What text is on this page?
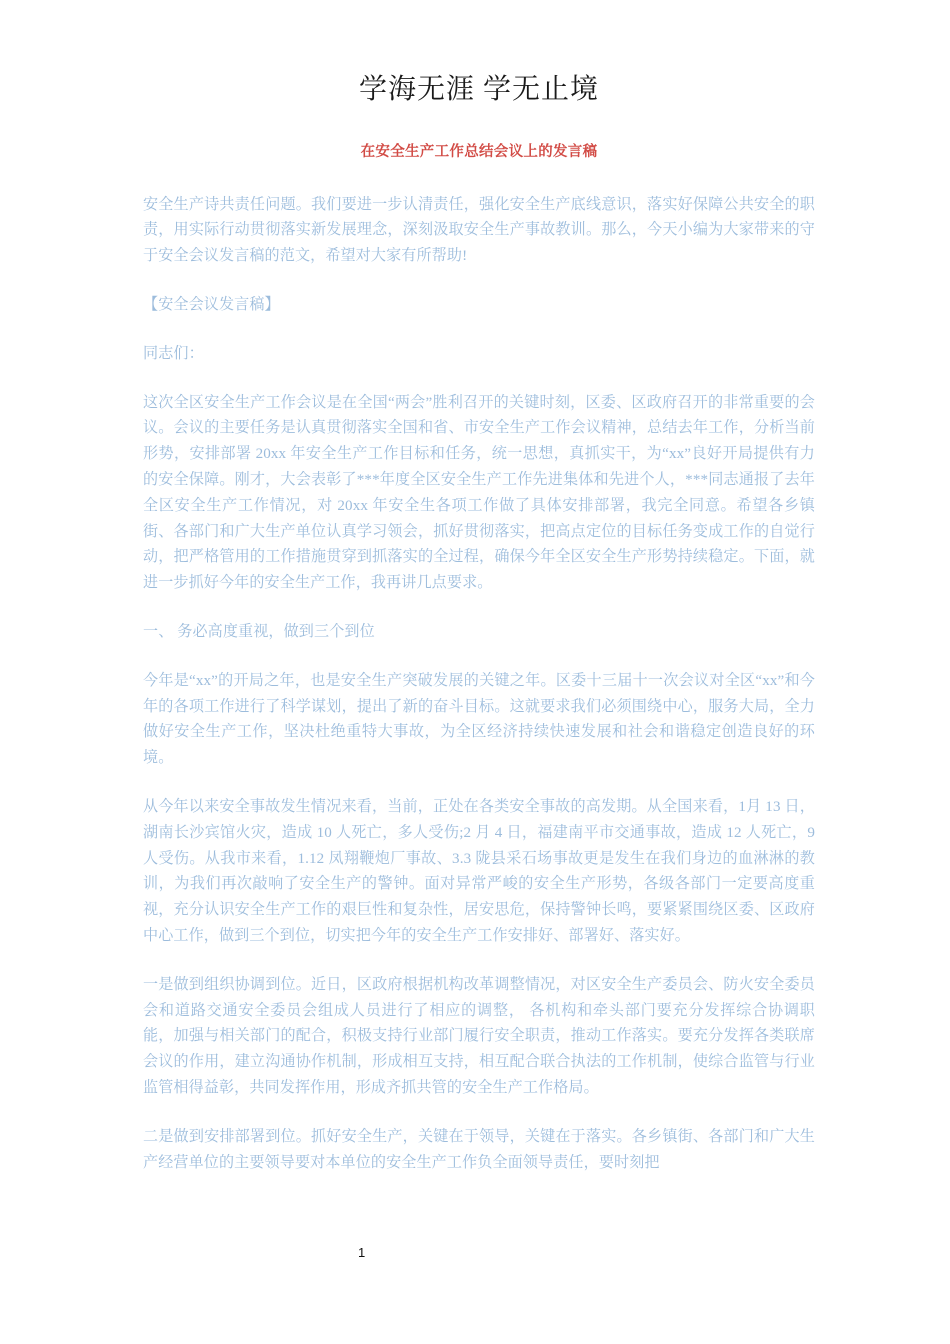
学海无涯 学无止境
在安全生产工作总结会议上的发言稿

安全生产诗共责任问题。我们要进一步认清责任，强化安全生产底线意识，落实好保障公共安全的职责，用实际行动贯彻落实新发展理念，深刻汲取安全生产事故教训。那么，今天小编为大家带来的守于安全会议发言稿的范文，希望对大家有所帮助!

【安全会议发言稿】

同志们：

这次全区安全生产工作会议是在全国“两会”胜利召开的关键时刻，区委、区政府召开的非常重要的会议。会议的主要任务是认真贯彻落实全国和省、市安全生产工作会议精神，总结去年工作，分析当前形势，安排部署 20xx 年安全生产工作目标和任务，统一思想，真抓实干，为“xx”良好开局提供有力的安全保障。刚才，大会表彰了***年度全区安全生产工作先进集体和先进个人，***同志通报了去年全区安全生产工作情况，对 20xx 年安全生各项工作做了具体安排部署，我完全同意。希望各乡镇街、各部门和广大生产单位认真学习领会，抓好贯彻落实，把高点定位的目标任务变成工作的自觉行动，把严格管用的工作措施贯穿到抓落实的全过程，确保今年全区安全生产形势持续稳定。下面，就进一步抓好今年的安全生产工作，我再讲几点要求。

一、 务必高度重视，做到三个到位

今年是“xx”的开局之年，也是安全生产突破发展的关键之年。区委十三届十一次会议对全区“xx”和今年的各项工作进行了科学谋划，提出了新的奋斗目标。这就要求我们必须围绕中心，服务大局，全力做好安全生产工作，坚决杜绝重特大事故，为全区经济持续快速发展和社会和谐稳定创造良好的环境。

从今年以来安全事故发生情况来看，当前，正处在各类安全事故的高发期。从全国来看，1月 13 日，湖南长沙宾馆火灾，造成 10 人死亡，多人受伤;2 月 4 日，福建南平市交通事故，造成 12 人死亡，9 人受伤。从我市来看，1.12 凤翔鞭炮厂事故、3.3 陇县采石场事故更是发生在我们身边的血淋淋的教训，为我们再次敲响了安全生产的警钟。面对异常严峻的安全生产形势，各级各部门一定要高度重视，充分认识安全生产工作的艰巨性和复杂性，居安思危，保持警钟长鸣，要紧紧围绕区委、区政府中心工作，做到三个到位，切实把今年的安全生产工作安排好、部署好、落实好。

一是做到组织协调到位。近日，区政府根据机构改革调整情况，对区安全生产委员会、防火安全委员会和道路交通安全委员会组成人员进行了相应的调整， 各机构和牵头部门要充分发挥综合协调职能，加强与相关部门的配合，积极支持行业部门履行安全职责，推动工作落实。要充分发挥各类联席会议的作用，建立沟通协作机制，形成相互支持，相互配合联合执法的工作机制，使综合监管与行业监管相得益彰，共同发挥作用，形成齐抓共管的安全生产工作格局。

二是做到安排部署到位。抓好安全生产，关键在于领导，关键在于落实。各乡镇街、各部门和广大生产经营单位的主要领导要对本单位的安全生产工作负全面领导责任，要时刻把

1
